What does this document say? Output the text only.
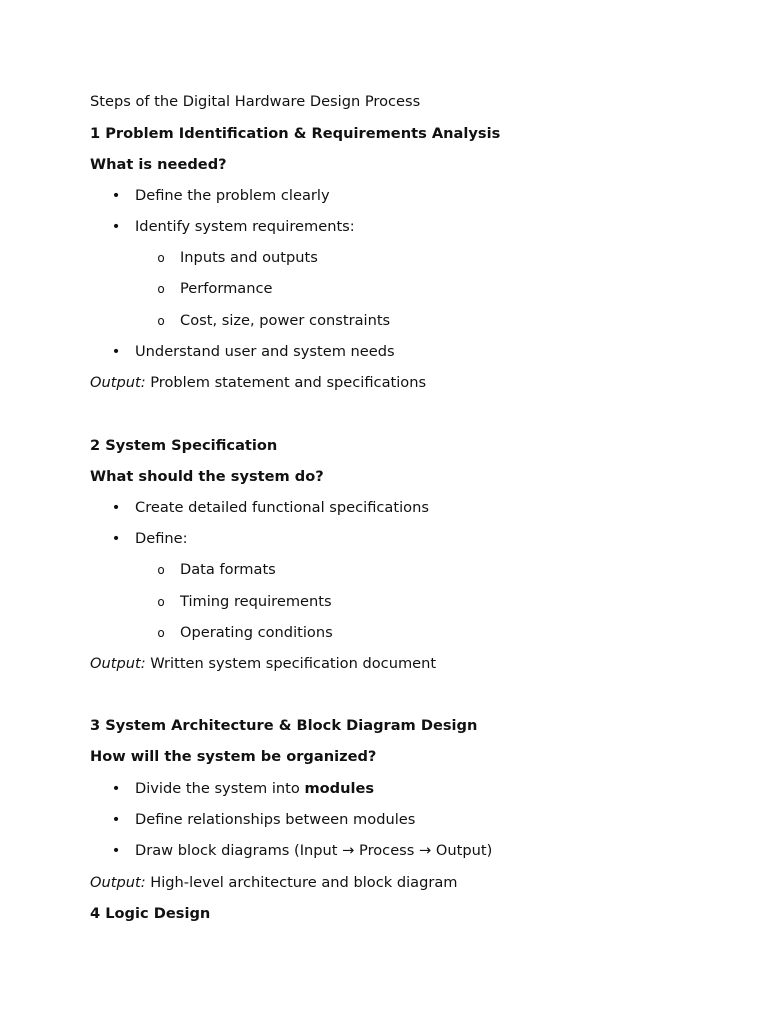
Steps of the Digital Hardware Design Process
1 Problem Identification & Requirements Analysis
What is needed?
• Define the problem clearly
• Identify system requirements:
o Inputs and outputs
o Performance
o Cost, size, power constraints
• Understand user and system needs
Output: Problem statement and specifications
2 System Specification
What should the system do?
• Create detailed functional specifications
• Define:
o Data formats
o Timing requirements
o Operating conditions
Output: Written system specification document
3 System Architecture & Block Diagram Design
How will the system be organized?
• Divide the system into modules
• Define relationships between modules
• Draw block diagrams (Input → Process → Output)
Output: High-level architecture and block diagram
4 Logic Design
